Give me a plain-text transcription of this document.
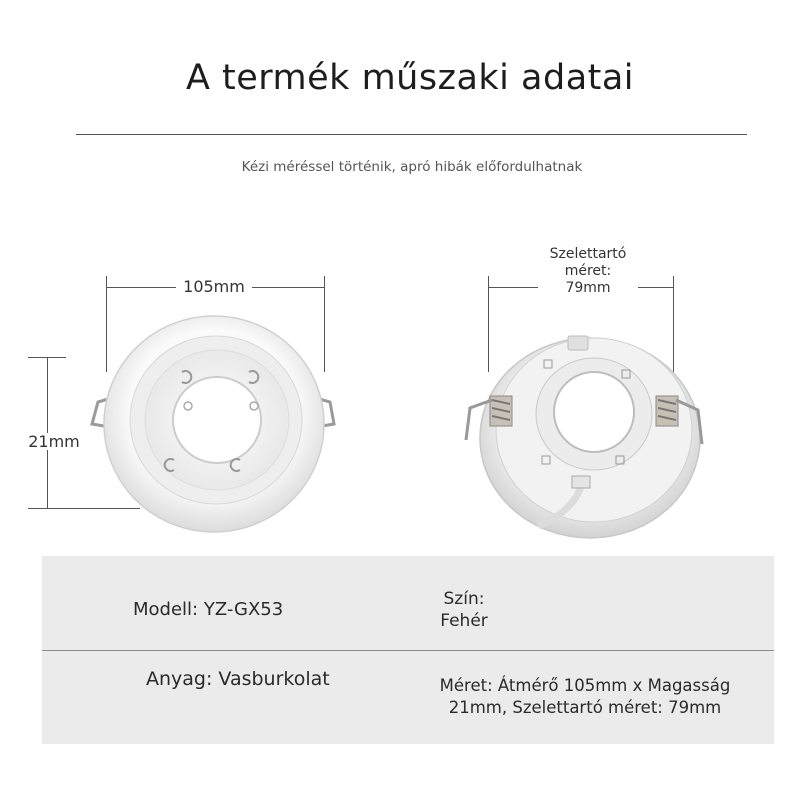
A termék műszaki adatai
Kézi méréssel történik, apró hibák előfordulhatnak
105mm
21mm
Szelettartó
méret:
79mm
Modell: YZ-GX53	Szín:
Fehér
Anyag: Vasburkolat	Méret: Átmérő 105mm x Magasság
21mm, Szelettartó méret: 79mm
